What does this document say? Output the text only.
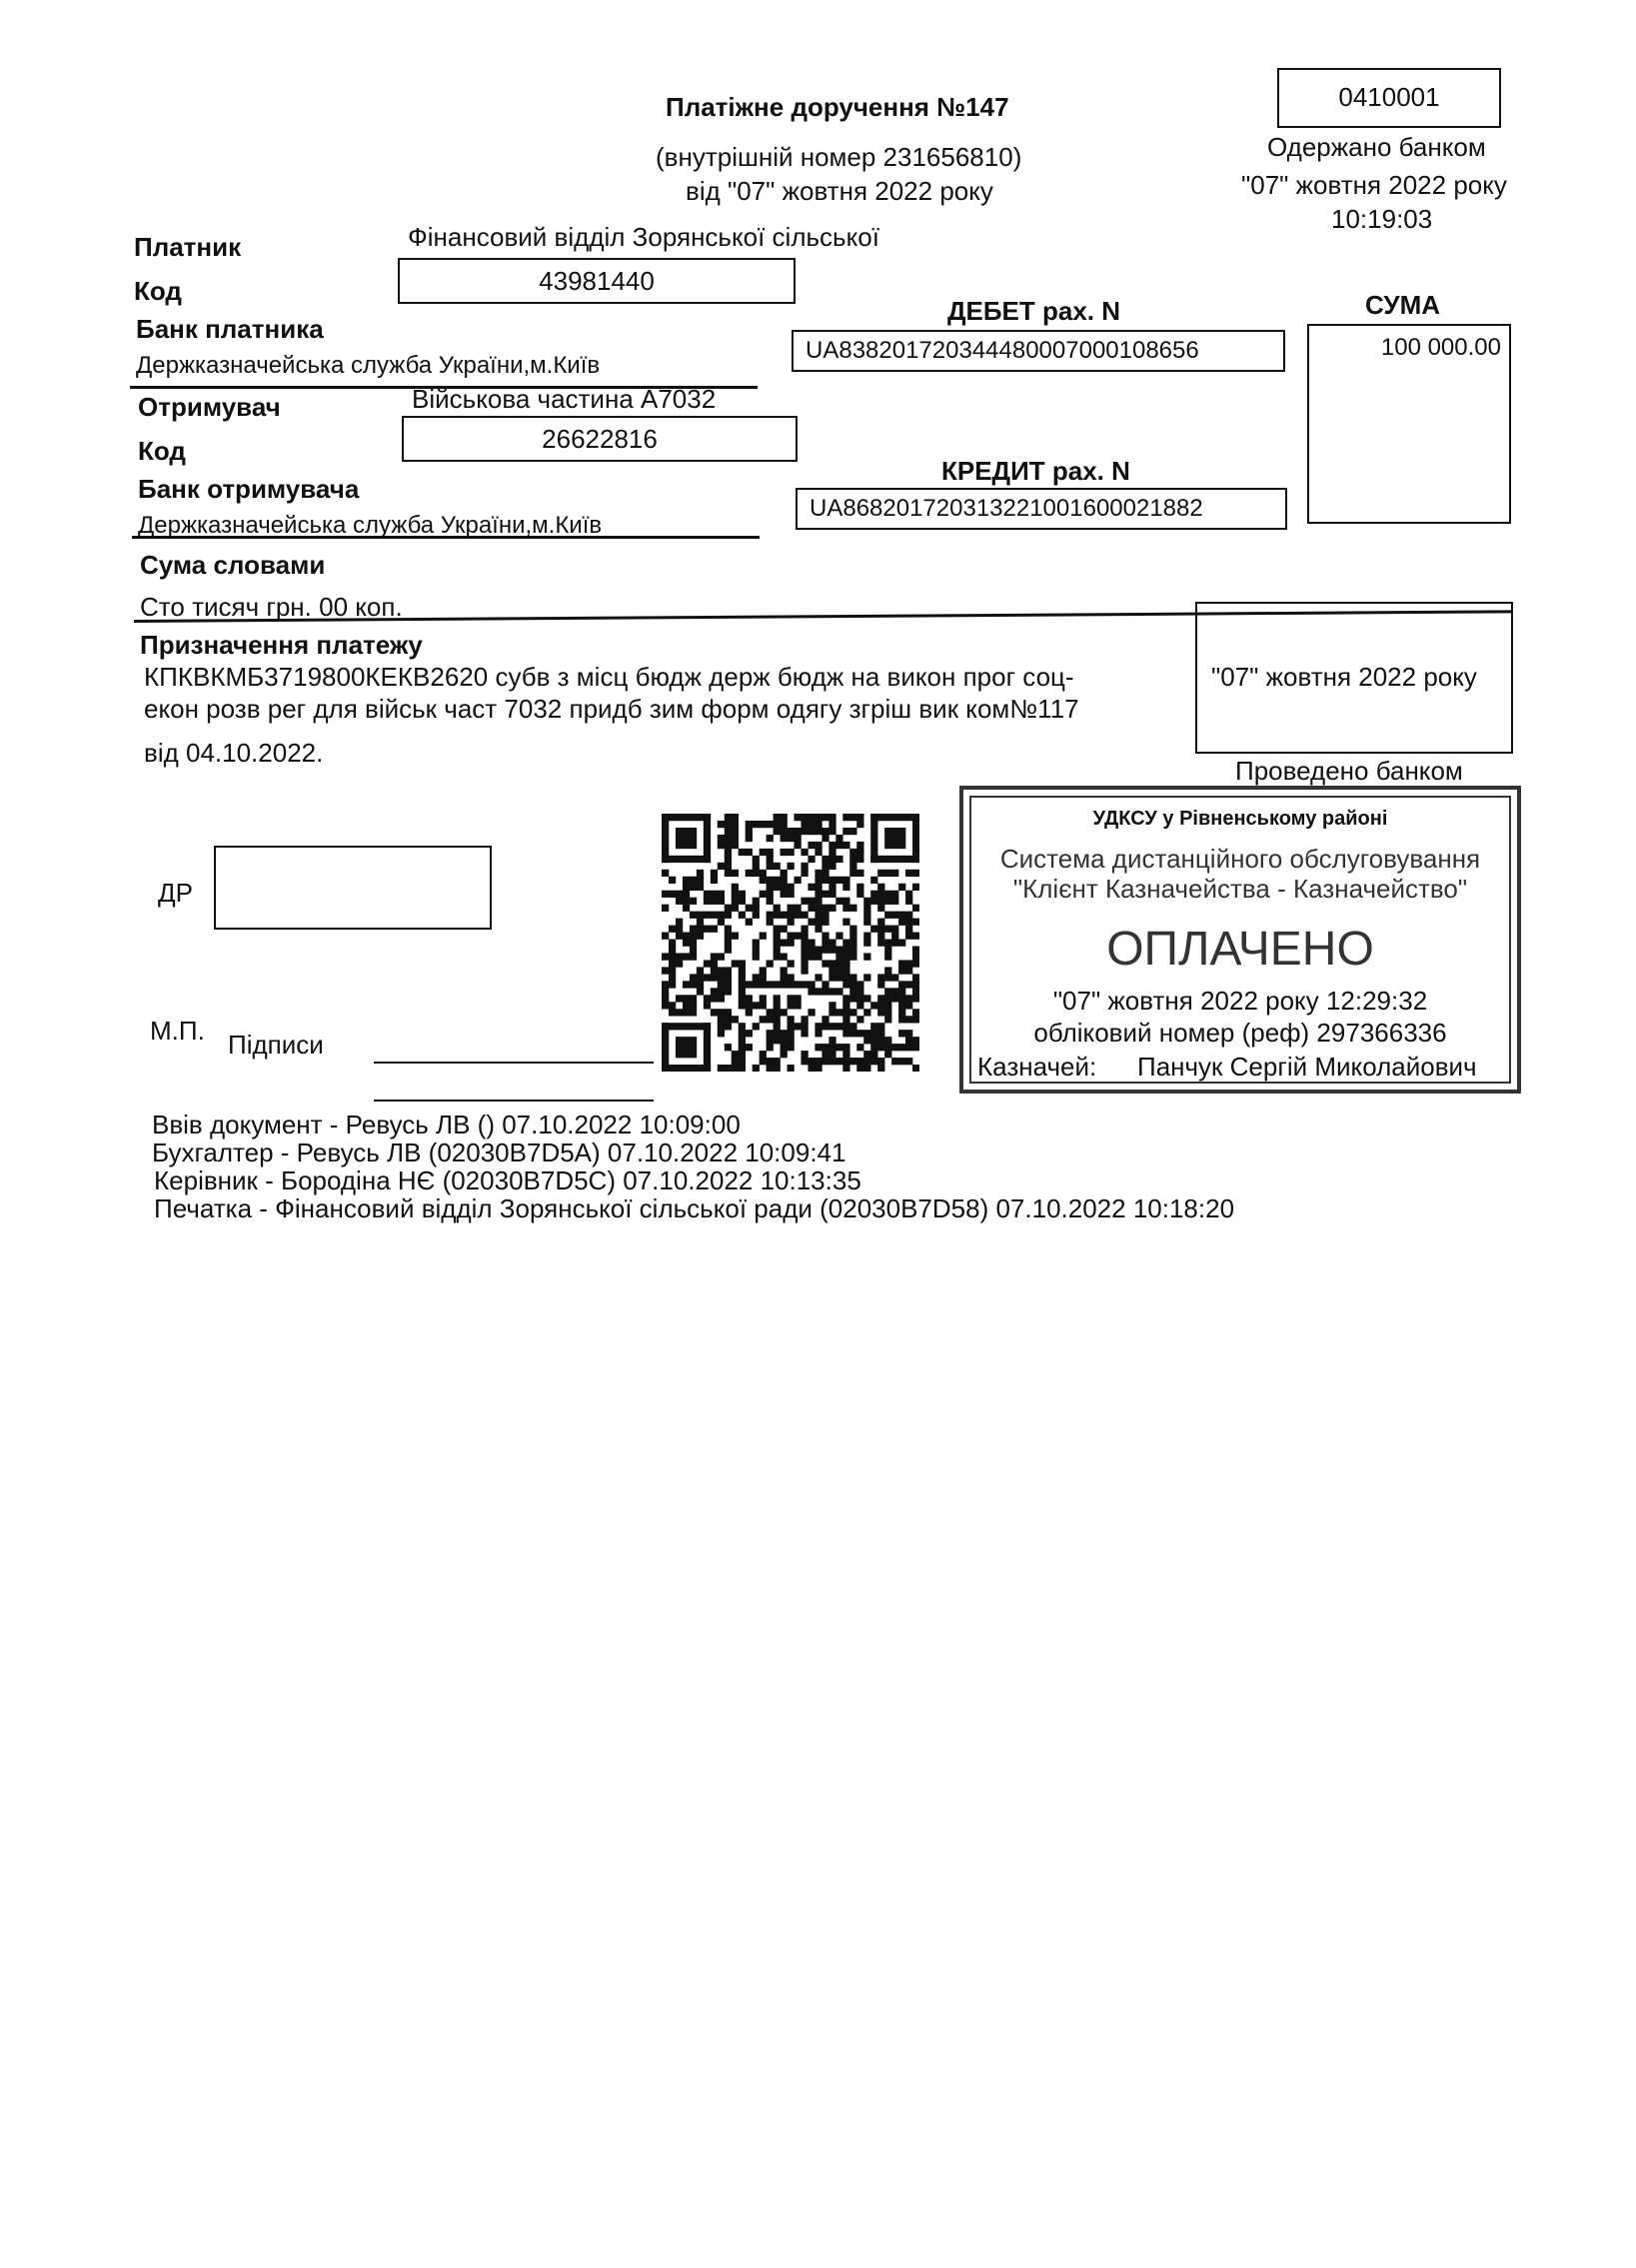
Платіжне доручення №147
(внутрішній номер 231656810)
від "07" жовтня 2022 року
0410001
Одержано банком
"07" жовтня 2022 року
10:19:03
Платник	Фінансовий відділ Зорянської сільської
Код	43981440
Банк платника
Держказначейська служба України,м.Київ
ДЕБЕТ рах. N
UA838201720344480007000108656
СУМА
100 000.00
Отримувач	Військова частина А7032
Код	26622816
Банк отримувача
Держказначейська служба України,м.Київ
КРЕДИТ рах. N
UA868201720313221001600021882
Сума словами
Сто тисяч грн. 00 коп.
Призначення платежу
КПКВКМБ3719800КЕКВ2620 субв з місц бюдж держ бюдж на викон прог соц-
екон розв рег для військ част 7032 придб зим форм одягу згріш вик ком№117
від 04.10.2022.
"07" жовтня 2022 року
Проведено банком
УДКСУ у Рівненському районі
Система дистанційного обслуговування
"Клієнт Казначейства - Казначейство"
ОПЛАЧЕНО
"07" жовтня 2022 року 12:29:32
обліковий номер (реф) 297366336
Казначей: Панчук Сергій Миколайович
ДР
М.П. Підписи
Ввів документ - Ревусь ЛВ () 07.10.2022 10:09:00
Бухгалтер - Ревусь ЛВ (02030B7D5A) 07.10.2022 10:09:41
Керівник - Бородіна НЄ (02030B7D5C) 07.10.2022 10:13:35
Печатка - Фінансовий відділ Зорянської сільської ради (02030B7D58) 07.10.2022 10:18:20
